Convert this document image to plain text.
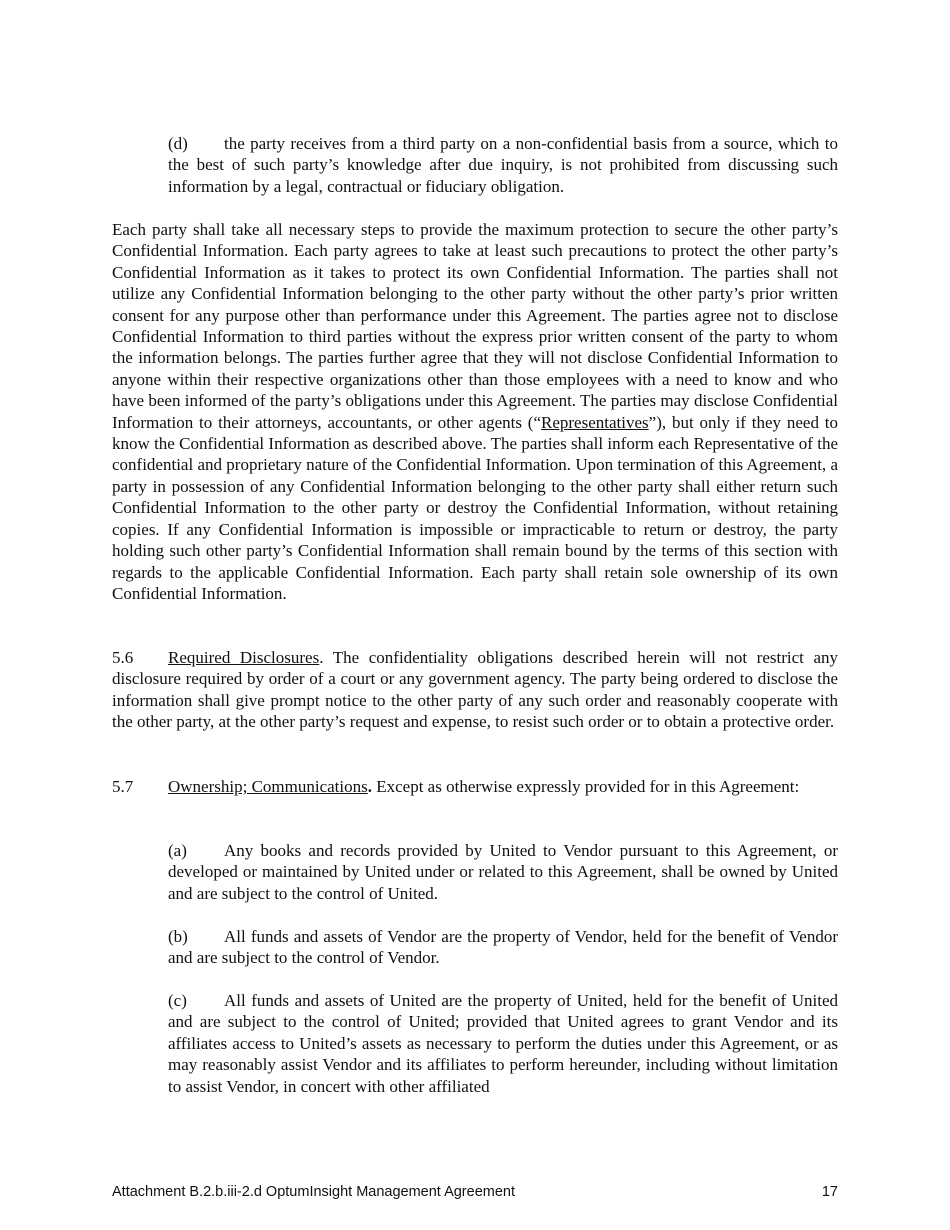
(d) the party receives from a third party on a non-confidential basis from a source, which to the best of such party’s knowledge after due inquiry, is not prohibited from discussing such information by a legal, contractual or fiduciary obligation.

Each party shall take all necessary steps to provide the maximum protection to secure the other party’s Confidential Information. Each party agrees to take at least such precautions to protect the other party’s Confidential Information as it takes to protect its own Confidential Information. The parties shall not utilize any Confidential Information belonging to the other party without the other party’s prior written consent for any purpose other than performance under this Agreement. The parties agree not to disclose Confidential Information to third parties without the express prior written consent of the party to whom the information belongs. The parties further agree that they will not disclose Confidential Information to anyone within their respective organizations other than those employees with a need to know and who have been informed of the party’s obligations under this Agreement. The parties may disclose Confidential Information to their attorneys, accountants, or other agents (“Representatives”), but only if they need to know the Confidential Information as described above. The parties shall inform each Representative of the confidential and proprietary nature of the Confidential Information. Upon termination of this Agreement, a party in possession of any Confidential Information belonging to the other party shall either return such Confidential Information to the other party or destroy the Confidential Information, without retaining copies. If any Confidential Information is impossible or impracticable to return or destroy, the party holding such other party’s Confidential Information shall remain bound by the terms of this section with regards to the applicable Confidential Information. Each party shall retain sole ownership of its own Confidential Information.

5.6 Required Disclosures. The confidentiality obligations described herein will not restrict any disclosure required by order of a court or any government agency. The party being ordered to disclose the information shall give prompt notice to the other party of any such order and reasonably cooperate with the other party, at the other party’s request and expense, to resist such order or to obtain a protective order.

5.7 Ownership; Communications. Except as otherwise expressly provided for in this Agreement:

(a) Any books and records provided by United to Vendor pursuant to this Agreement, or developed or maintained by United under or related to this Agreement, shall be owned by United and are subject to the control of United.

(b) All funds and assets of Vendor are the property of Vendor, held for the benefit of Vendor and are subject to the control of Vendor.

(c) All funds and assets of United are the property of United, held for the benefit of United and are subject to the control of United; provided that United agrees to grant Vendor and its affiliates access to United’s assets as necessary to perform the duties under this Agreement, or as may reasonably assist Vendor and its affiliates to perform hereunder, including without limitation to assist Vendor, in concert with other affiliated

Attachment B.2.b.iii-2.d OptumInsight Management Agreement	17
